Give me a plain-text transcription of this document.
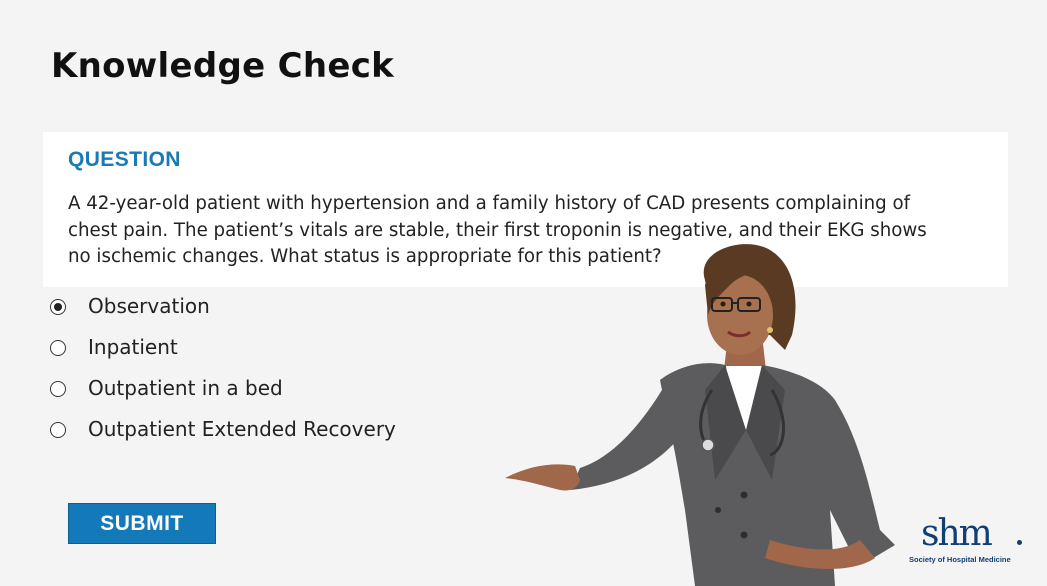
Knowledge Check
QUESTION
A 42-year-old patient with hypertension and a family history of CAD presents complaining of chest pain. The patient’s vitals are stable, their first troponin is negative, and their EKG shows no ischemic changes. What status is appropriate for this patient?
Observation
Inpatient
Outpatient in a bed
Outpatient Extended Recovery
SUBMIT	shm
Society of Hospital Medicine
